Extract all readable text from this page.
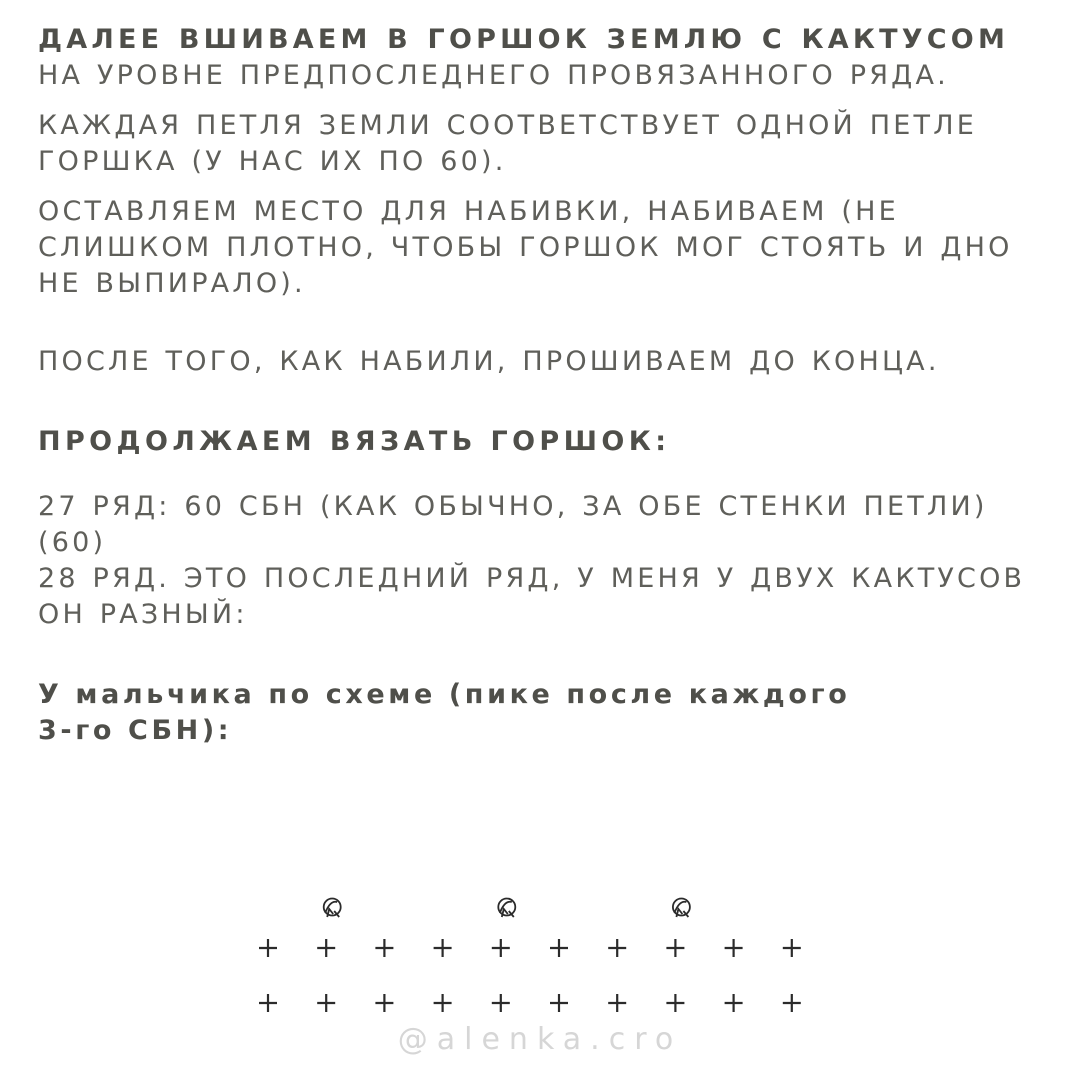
ДАЛЕЕ ВШИВАЕМ В ГОРШОК ЗЕМЛЮ С КАКТУСОМ НА УРОВНЕ ПРЕДПОСЛЕДНЕГО ПРОВЯЗАННОГО РЯДА.

КАЖДАЯ ПЕТЛЯ ЗЕМЛИ СООТВЕТСТВУЕТ ОДНОЙ ПЕТЛЕ ГОРШКА (У НАС ИХ ПО 60).

ОСТАВЛЯЕМ МЕСТО ДЛЯ НАБИВКИ, НАБИВАЕМ (НЕ СЛИШКОМ ПЛОТНО, ЧТОБЫ ГОРШОК МОГ СТОЯТЬ И ДНО НЕ ВЫПИРАЛО).

ПОСЛЕ ТОГО, КАК НАБИЛИ, ПРОШИВАЕМ ДО КОНЦА.

ПРОДОЛЖАЕМ ВЯЗАТЬ ГОРШОК:

27 РЯД: 60 СБН (КАК ОБЫЧНО, ЗА ОБЕ СТЕНКИ ПЕТЛИ) (60)

28 РЯД. ЭТО ПОСЛЕДНИЙ РЯД, У МЕНЯ У ДВУХ КАКТУСОВ ОН РАЗНЫЙ:

У мальчика по схеме (пике после каждого
3-го СБН):
@alenka.cro
